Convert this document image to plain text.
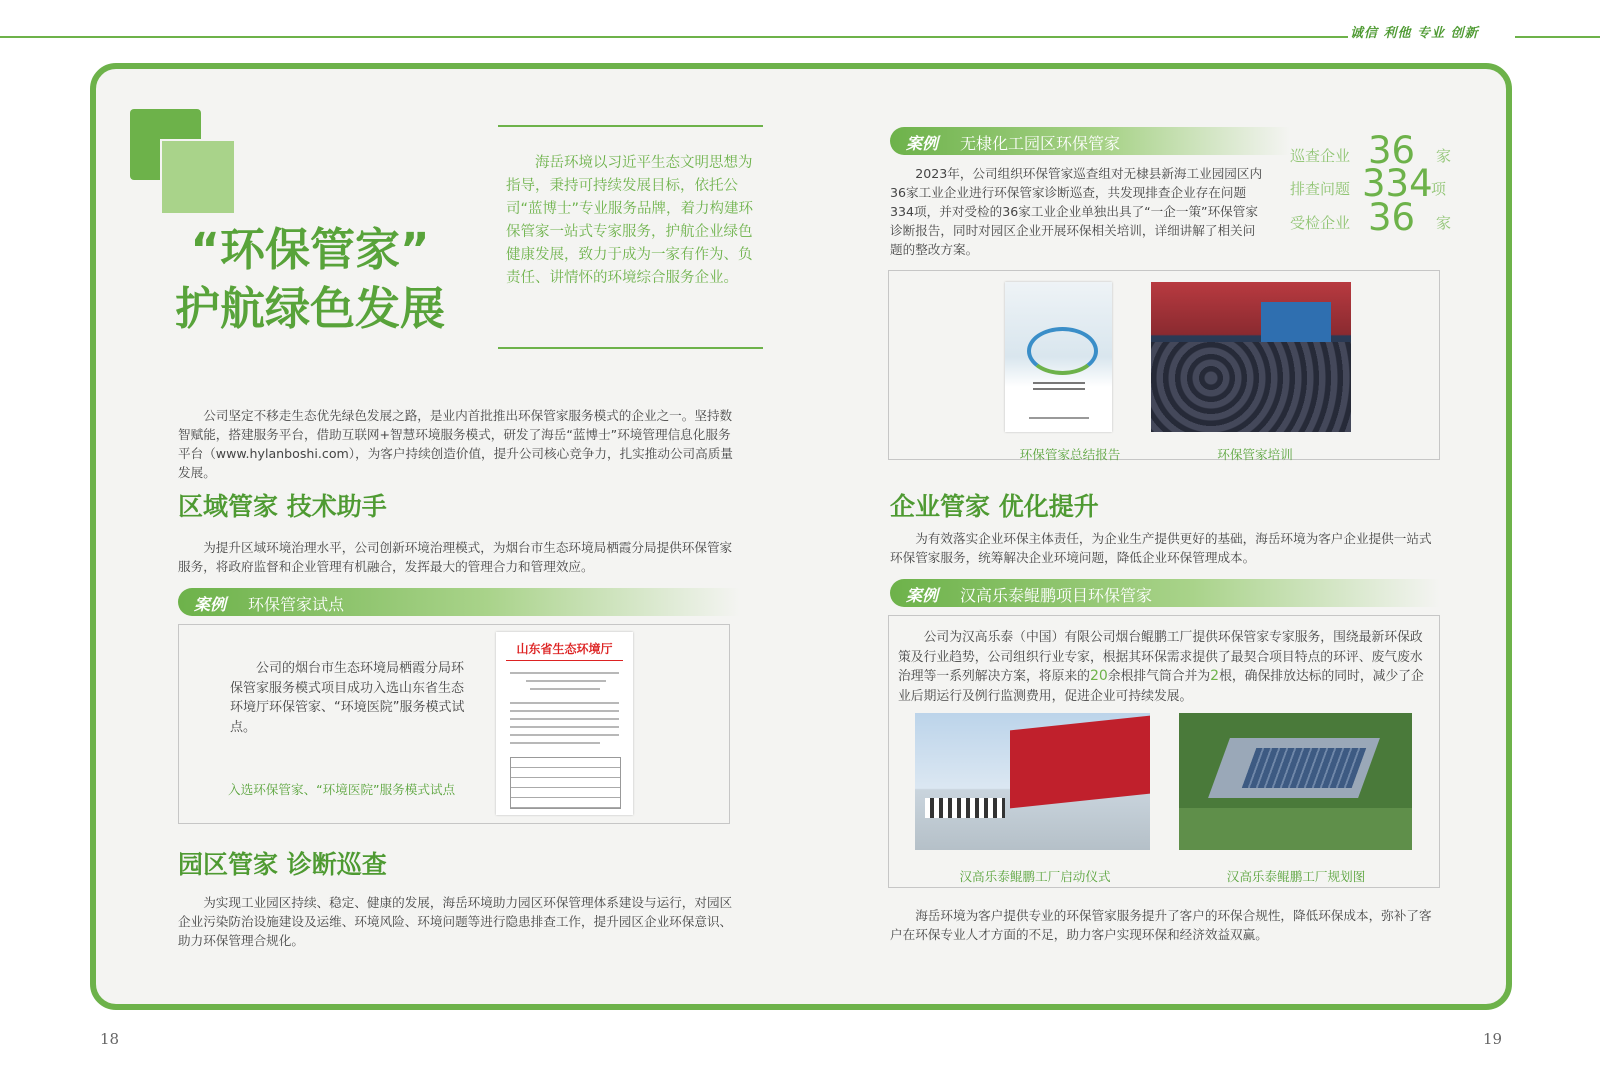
诚信 利他 专业 创新
“环保管家”
护航绿色发展
海岳环境以习近平生态文明思想为指导，秉持可持续发展目标，依托公司“蓝博士”专业服务品牌，着力构建环保管家一站式专家服务，护航企业绿色健康发展，致力于成为一家有作为、负责任、讲情怀的环境综合服务企业。
公司坚定不移走生态优先绿色发展之路，是业内首批推出环保管家服务模式的企业之一。坚持数智赋能，搭建服务平台，借助互联网+智慧环境服务模式，研发了海岳“蓝博士”环境管理信息化服务平台（www.hylanboshi.com），为客户持续创造价值，提升公司核心竞争力，扎实推动公司高质量发展。
区域管家 技术助手
为提升区域环境治理水平，公司创新环境治理模式，为烟台市生态环境局栖霞分局提供环保管家服务，将政府监督和企业管理有机融合，发挥最大的管理合力和管理效应。
案例 环保管家试点
公司的烟台市生态环境局栖霞分局环保管家服务模式项目成功入选山东省生态环境厅环保管家、“环境医院”服务模式试点。
入选环保管家、“环境医院”服务模式试点
山东省生态环境厅
园区管家 诊断巡查
为实现工业园区持续、稳定、健康的发展，海岳环境助力园区环保管理体系建设与运行，对园区企业污染防治设施建设及运维、环境风险、环境问题等进行隐患排查工作，提升园区企业环保意识、助力环保管理合规化。
18
案例 无棣化工园区环保管家
2023年，公司组织环保管家巡查组对无棣县新海工业园园区内36家工业企业进行环保管家诊断巡查，共发现排查企业存在问题334项，并对受检的36家工业企业单独出具了“一企一策”环保管家诊断报告，同时对园区企业开展环保相关培训，详细讲解了相关问题的整改方案。
巡查企业 36 家
排查问题 334
项
受检企业 36 家
环保管家总结报告	环保管家培训
企业管家 优化提升
为有效落实企业环保主体责任，为企业生产提供更好的基础，海岳环境为客户企业提供一站式环保管家服务，统筹解决企业环境问题，降低企业环保管理成本。
案例 汉高乐泰鲲鹏项目环保管家
公司为汉高乐泰（中国）有限公司烟台鲲鹏工厂提供环保管家专家服务，围绕最新环保政策及行业趋势，公司组织行业专家，根据其环保需求提供了最契合项目特点的环评、废气废水治理等一系列解决方案，将原来的20余根排气筒合并为2根，确保排放达标的同时，减少了企业后期运行及例行监测费用，促进企业可持续发展。
汉高乐泰鲲鹏工厂启动仪式	汉高乐泰鲲鹏工厂规划图
海岳环境为客户提供专业的环保管家服务提升了客户的环保合规性，降低环保成本，弥补了客户在环保专业人才方面的不足，助力客户实现环保和经济效益双赢。
19
